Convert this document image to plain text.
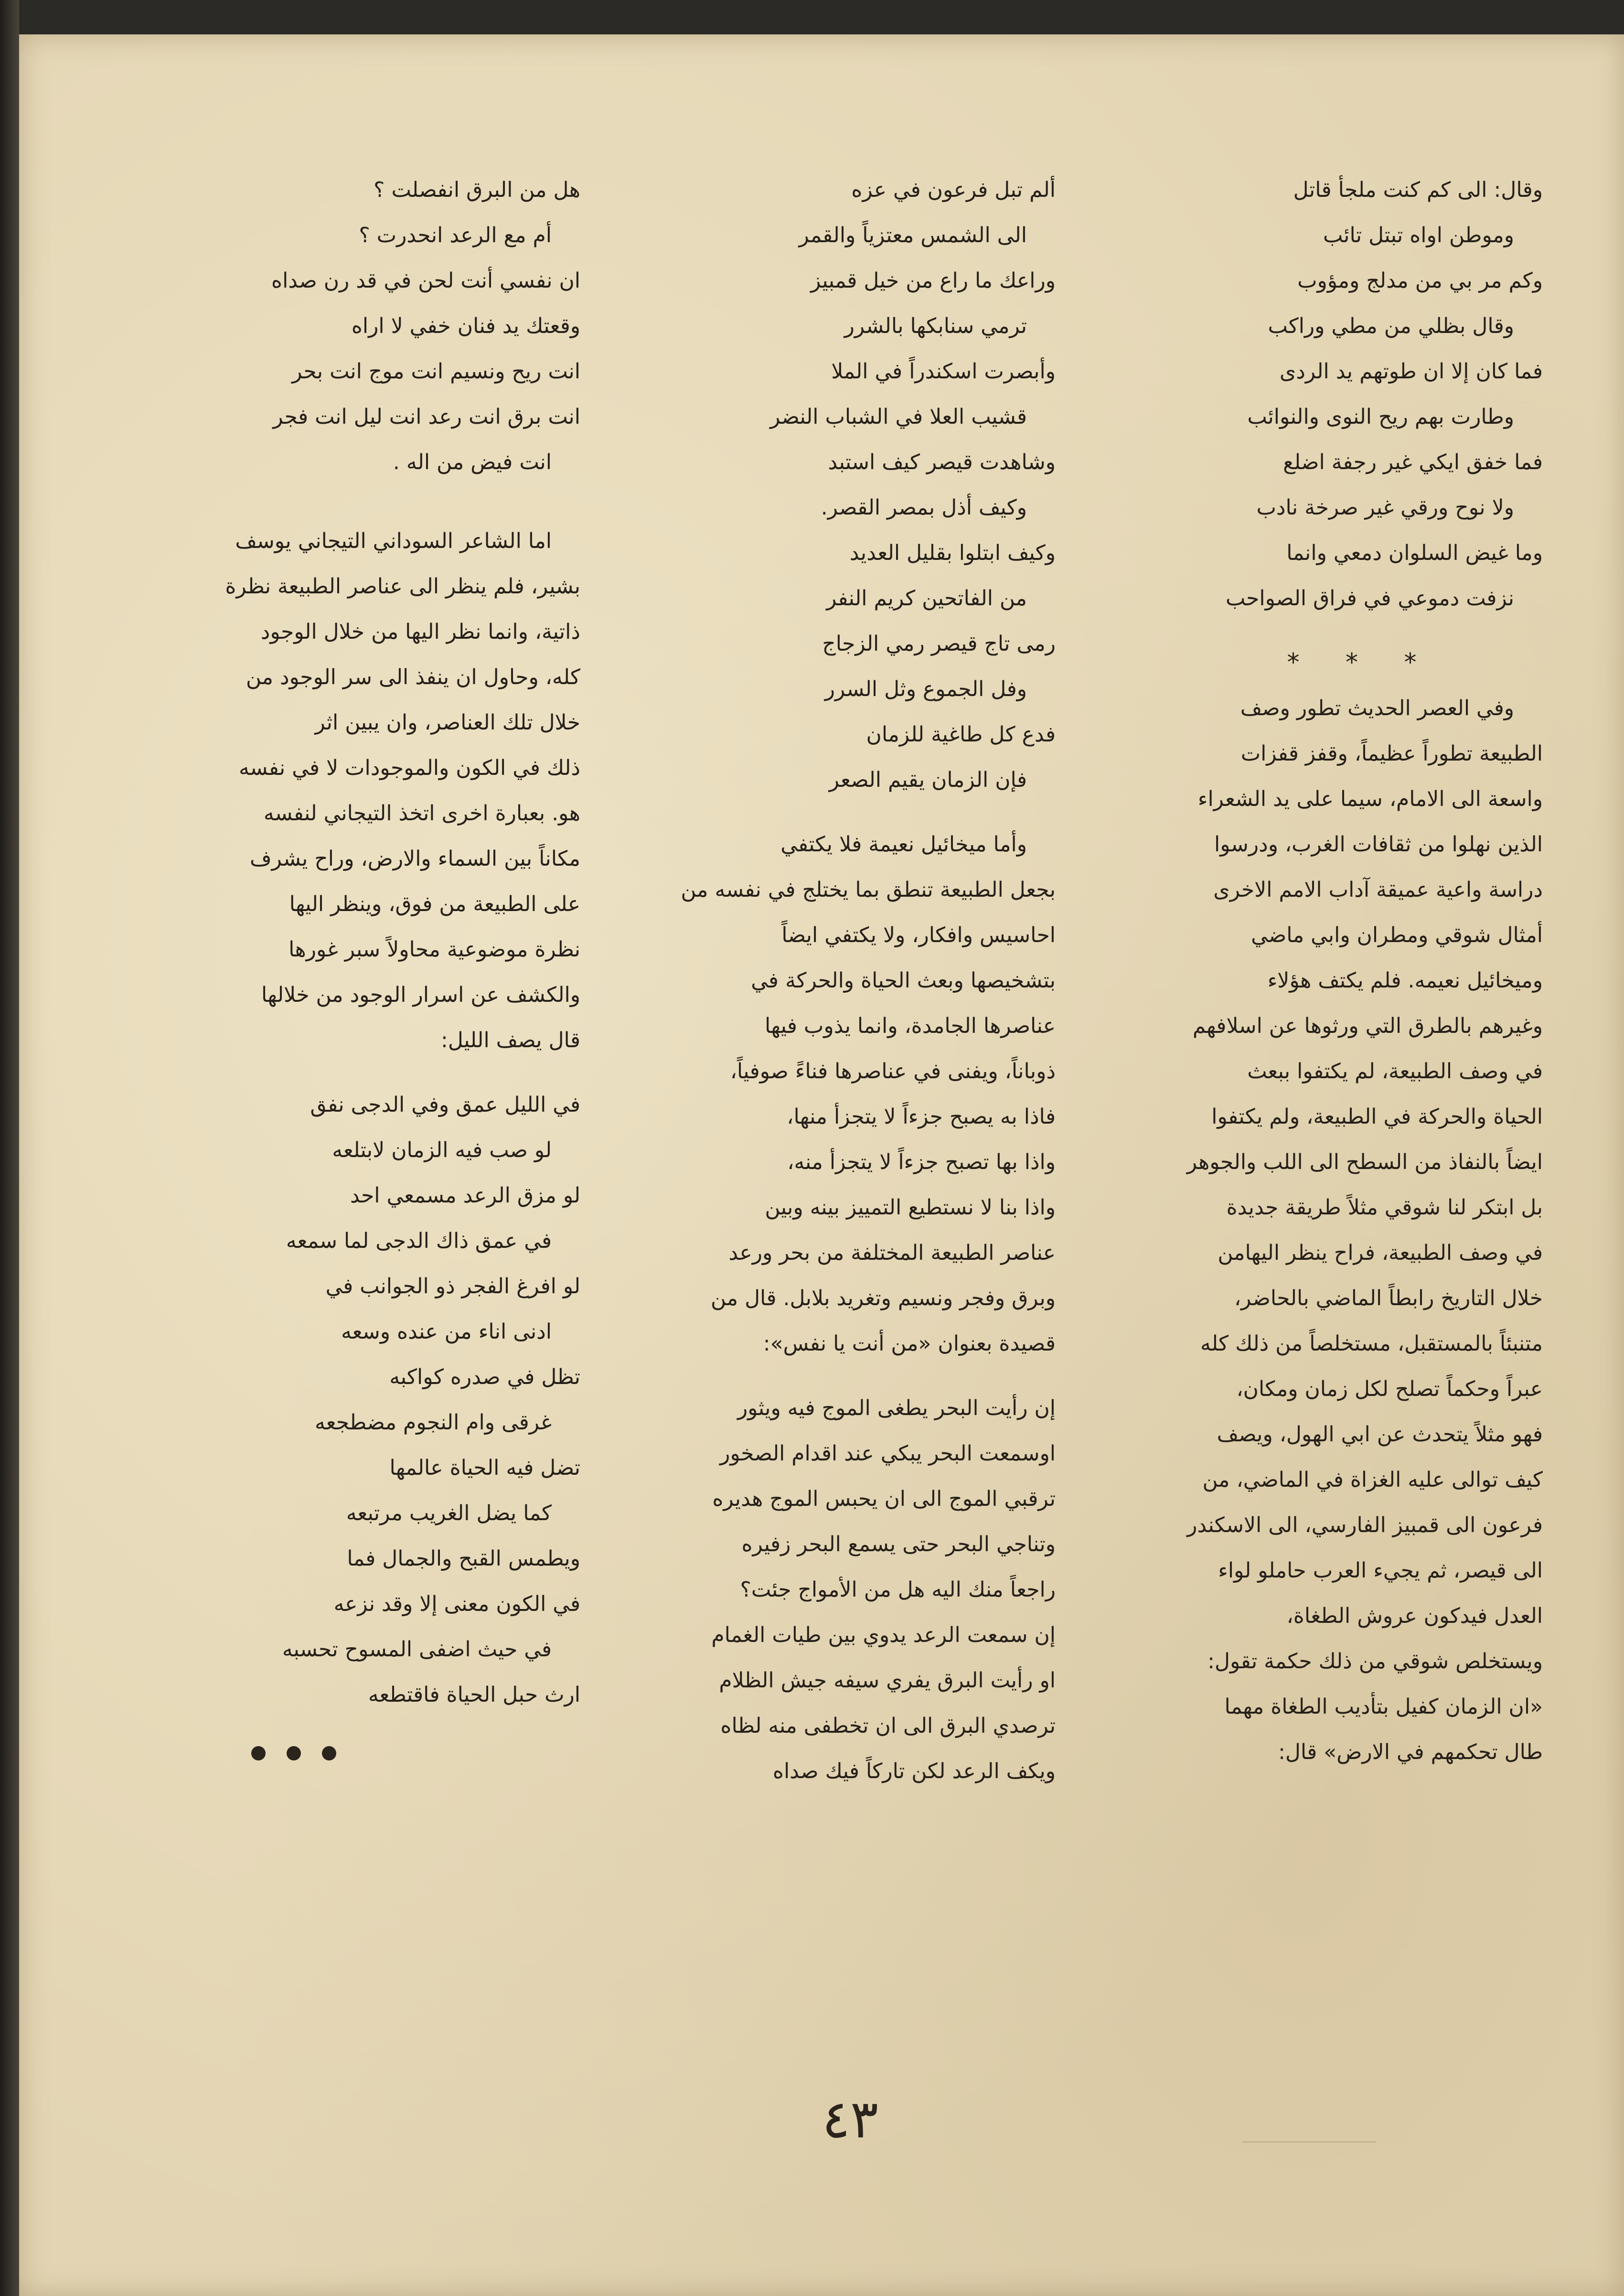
وقال: الى كم كنت ملجأ قاتل
وموطن اواه تبتل تائب
وكم مر بي من مدلج ومؤوب
وقال بظلي من مطي وراكب
فما كان إلا ان طوتهم يد الردى
وطارت بهم ريح النوى والنوائب
فما خفق ايكي غير رجفة اضلع
ولا نوح ورقي غير صرخة نادب
وما غيض السلوان دمعي وانما
نزفت دموعي في فراق الصواحب
* * *
وفي العصر الحديث تطور وصف
الطبيعة تطوراً عظيماً، وقفز قفزات
واسعة الى الامام، سيما على يد الشعراء
الذين نهلوا من ثقافات الغرب، ودرسوا
دراسة واعية عميقة آداب الامم الاخرى
أمثال شوقي ومطران وابي ماضي
وميخائيل نعيمه. فلم يكتف هؤلاء
وغيرهم بالطرق التي ورثوها عن اسلافهم
في وصف الطبيعة، لم يكتفوا ببعث
الحياة والحركة في الطبيعة، ولم يكتفوا
ايضاً بالنفاذ من السطح الى اللب والجوهر
بل ابتكر لنا شوقي مثلاً طريقة جديدة
في وصف الطبيعة، فراح ينظر اليهامن
خلال التاريخ رابطاً الماضي بالحاضر،
متنبئاً بالمستقبل، مستخلصاً من ذلك كله
عبراً وحكماً تصلح لكل زمان ومكان،
فهو مثلاً يتحدث عن ابي الهول، ويصف
كيف توالى عليه الغزاة في الماضي، من
فرعون الى قمبيز الفارسي، الى الاسكندر
الى قيصر، ثم يجيء العرب حاملو لواء
العدل فيدكون عروش الطغاة،
ويستخلص شوقي من ذلك حكمة تقول:
«ان الزمان كفيل بتأديب الطغاة مهما
طال تحكمهم في الارض» قال:
ألم تبل فرعون في عزه
الى الشمس معتزياً والقمر
وراعك ما راع من خيل قمبيز
ترمي سنابكها بالشرر
وأبصرت اسكندراً في الملا
قشيب العلا في الشباب النضر
وشاهدت قيصر كيف استبد
وكيف أذل بمصر القصر.
وكيف ابتلوا بقليل العديد
من الفاتحين كريم النفر
رمى تاج قيصر رمي الزجاج
وفل الجموع وثل السرر
فدع كل طاغية للزمان
فإن الزمان يقيم الصعر
وأما ميخائيل نعيمة فلا يكتفي
بجعل الطبيعة تنطق بما يختلج في نفسه من
احاسيس وافكار، ولا يكتفي ايضاً
بتشخيصها وبعث الحياة والحركة في
عناصرها الجامدة، وانما يذوب فيها
ذوباناً، ويفنى في عناصرها فناءً صوفياً،
فاذا به يصبح جزءاً لا يتجزأ منها،
واذا بها تصبح جزءاً لا يتجزأ منه،
واذا بنا لا نستطيع التمييز بينه وبين
عناصر الطبيعة المختلفة من بحر ورعد
وبرق وفجر ونسيم وتغريد بلابل. قال من
قصيدة بعنوان «من أنت يا نفس»:
إن رأيت البحر يطغى الموج فيه ويثور
اوسمعت البحر يبكي عند اقدام الصخور
ترقبي الموج الى ان يحبس الموج هديره
وتناجي البحر حتى يسمع البحر زفيره
راجعاً منك اليه هل من الأمواج جئت؟
إن سمعت الرعد يدوي بين طيات الغمام
او رأيت البرق يفري سيفه جيش الظلام
ترصدي البرق الى ان تخطفى منه لظاه
ويكف الرعد لكن تاركاً فيك صداه
هل من البرق انفصلت ؟
أم مع الرعد انحدرت ؟
ان نفسي أنت لحن في قد رن صداه
وقعتك يد فنان خفي لا اراه
انت ريح ونسيم انت موج انت بحر
انت برق انت رعد انت ليل انت فجر
انت فيض من اله .
اما الشاعر السوداني التيجاني يوسف
بشير، فلم ينظر الى عناصر الطبيعة نظرة
ذاتية، وانما نظر اليها من خلال الوجود
كله، وحاول ان ينفذ الى سر الوجود من
خلال تلك العناصر، وان يبين اثر
ذلك في الكون والموجودات لا في نفسه
هو. بعبارة اخرى اتخذ التيجاني لنفسه
مكاناً بين السماء والارض، وراح يشرف
على الطبيعة من فوق، وينظر اليها
نظرة موضوعية محاولاً سبر غورها
والكشف عن اسرار الوجود من خلالها
قال يصف الليل:
في الليل عمق وفي الدجى نفق
لو صب فيه الزمان لابتلعه
لو مزق الرعد مسمعي احد
في عمق ذاك الدجى لما سمعه
لو افرغ الفجر ذو الجوانب في
ادنى اناء من عنده وسعه
تظل في صدره كواكبه
غرقى وام النجوم مضطجعه
تضل فيه الحياة عالمها
كما يضل الغريب مرتبعه
ويطمس القبح والجمال فما
في الكون معنى إلا وقد نزعه
في حيث اضفى المسوح تحسبه
ارث حبل الحياة فاقتطعه
٤٣
